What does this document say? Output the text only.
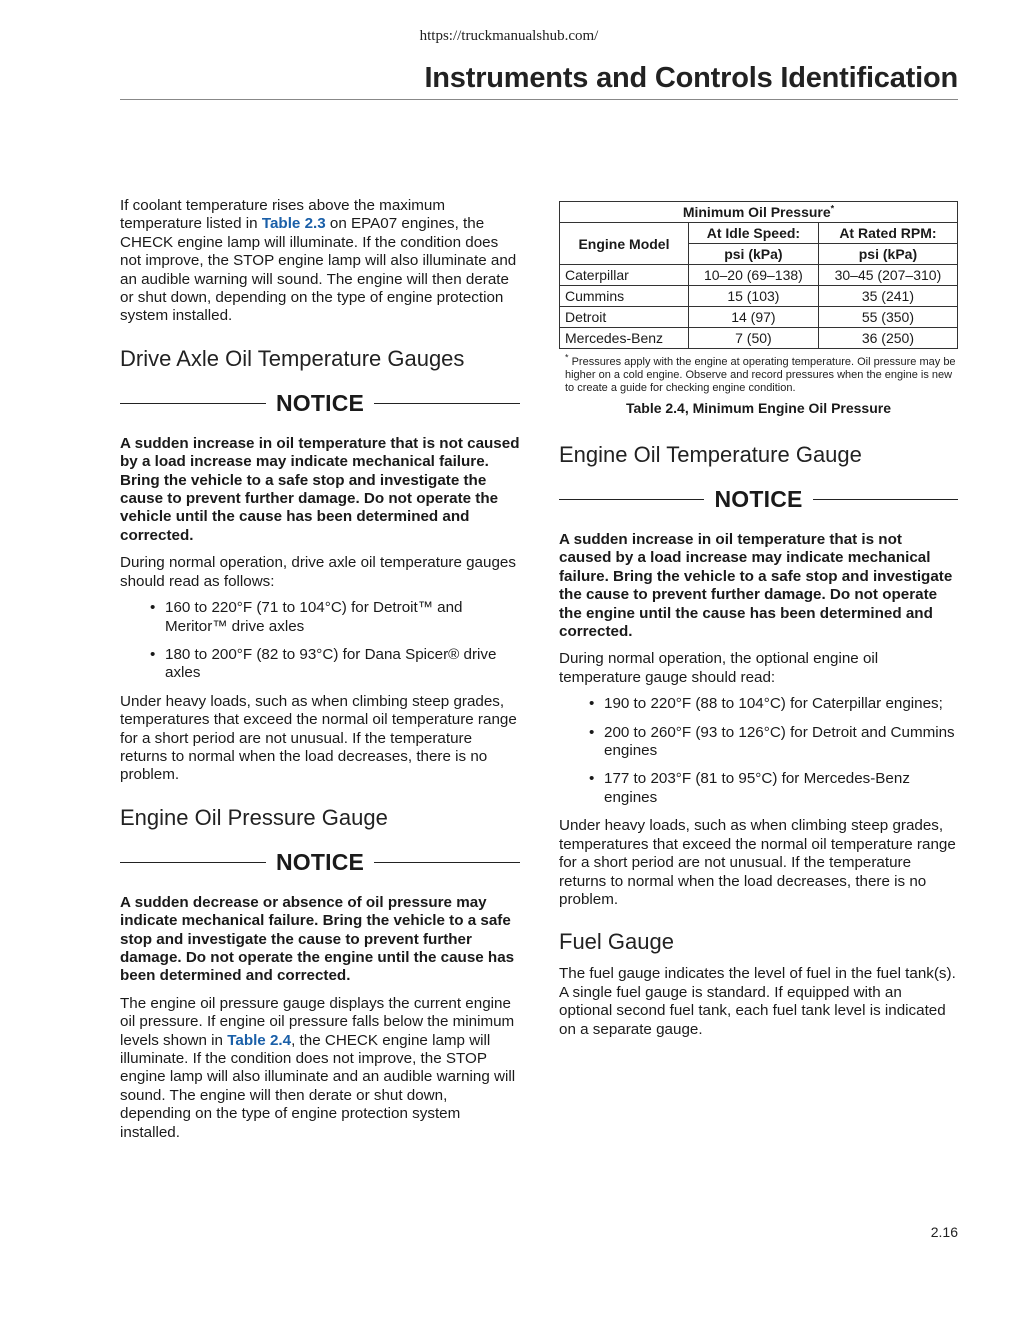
https://truckmanualshub.com/
Instruments and Controls Identification

If coolant temperature rises above the maximum temperature listed in Table 2.3 on EPA07 engines, the CHECK engine lamp will illuminate. If the condition does not improve, the STOP engine lamp will also illuminate and an audible warning will sound. The engine will then derate or shut down, depending on the type of engine protection system installed.

Drive Axle Oil Temperature Gauges
NOTICE

A sudden increase in oil temperature that is not caused by a load increase may indicate mechanical failure. Bring the vehicle to a safe stop and investigate the cause to prevent further damage. Do not operate the vehicle until the cause has been determined and corrected.

During normal operation, drive axle oil temperature gauges should read as follows:

• 160 to 220°F (71 to 104°C) for Detroit™ and Meritor™ drive axles
• 180 to 200°F (82 to 93°C) for Dana Spicer® drive axles

Under heavy loads, such as when climbing steep grades, temperatures that exceed the normal oil temperature range for a short period are not unusual. If the temperature returns to normal when the load decreases, there is no problem.

Engine Oil Pressure Gauge
NOTICE

A sudden decrease or absence of oil pressure may indicate mechanical failure. Bring the vehicle to a safe stop and investigate the cause to prevent further damage. Do not operate the engine until the cause has been determined and corrected.

The engine oil pressure gauge displays the current engine oil pressure. If engine oil pressure falls below the minimum levels shown in Table 2.4, the CHECK engine lamp will illuminate. If the condition does not improve, the STOP engine lamp will also illuminate and an audible warning will sound. The engine will then derate or shut down, depending on the type of engine protection system installed.

Minimum Oil Pressure*
Engine Model	At Idle Speed:	At Rated RPM:
	psi (kPa)	psi (kPa)
Caterpillar	10–20 (69–138)	30–45 (207–310)
Cummins	15 (103)	35 (241)
Detroit	14 (97)	55 (350)
Mercedes-Benz	7 (50)	36 (250)
* Pressures apply with the engine at operating temperature. Oil pressure may be higher on a cold engine. Observe and record pressures when the engine is new to create a guide for checking engine condition.
Table 2.4, Minimum Engine Oil Pressure
Engine Oil Temperature Gauge
NOTICE

A sudden increase in oil temperature that is not caused by a load increase may indicate mechanical failure. Bring the vehicle to a safe stop and investigate the cause to prevent further damage. Do not operate the engine until the cause has been determined and corrected.

During normal operation, the optional engine oil temperature gauge should read:

• 190 to 220°F (88 to 104°C) for Caterpillar engines;
• 200 to 260°F (93 to 126°C) for Detroit and Cummins engines
• 177 to 203°F (81 to 95°C) for Mercedes-Benz engines

Under heavy loads, such as when climbing steep grades, temperatures that exceed the normal oil temperature range for a short period are not unusual. If the temperature returns to normal when the load decreases, there is no problem.

Fuel Gauge

The fuel gauge indicates the level of fuel in the fuel tank(s). A single fuel gauge is standard. If equipped with an optional second fuel tank, each fuel tank level is indicated on a separate gauge.

2.16
